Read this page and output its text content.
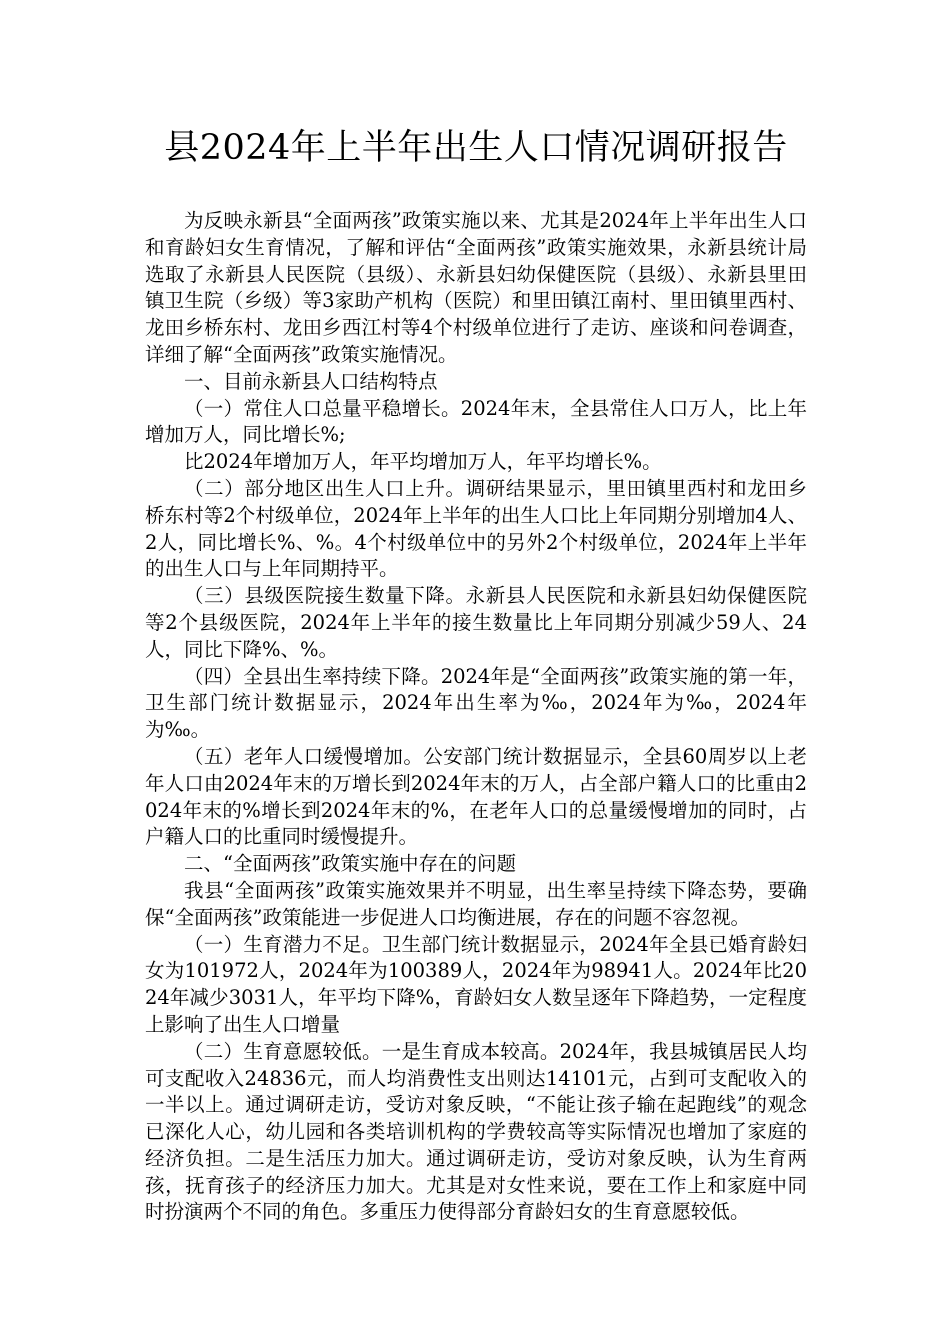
县2024年上半年出生人口情况调研报告

为反映永新县“全面两孩”政策实施以来、尤其是2024年上半年出生人口和育龄妇女生育情况，了解和评估“全面两孩”政策实施效果，永新县统计局选取了永新县人民医院（县级）、永新县妇幼保健医院（县级）、永新县里田镇卫生院（乡级）等3家助产机构（医院）和里田镇江南村、里田镇里西村、龙田乡桥东村、龙田乡西江村等4个村级单位进行了走访、座谈和问卷调查，详细了解“全面两孩”政策实施情况。

一、目前永新县人口结构特点

（一）常住人口总量平稳增长。2024年末，全县常住人口万人，比上年增加万人，同比增长%;

比2024年增加万人，年平均增加万人，年平均增长%。

（二）部分地区出生人口上升。调研结果显示，里田镇里西村和龙田乡桥东村等2个村级单位，2024年上半年的出生人口比上年同期分别增加4人、2人，同比增长%、%。4个村级单位中的另外2个村级单位，2024年上半年的出生人口与上年同期持平。

（三）县级医院接生数量下降。永新县人民医院和永新县妇幼保健医院等2个县级医院，2024年上半年的接生数量比上年同期分别减少59人、24人，同比下降%、%。

（四）全县出生率持续下降。2024年是“全面两孩”政策实施的第一年，卫生部门统计数据显示，2024年出生率为‰，2024年为‰，2024年为‰。

（五）老年人口缓慢增加。公安部门统计数据显示，全县60周岁以上老年人口由2024年末的万增长到2024年末的万人，占全部户籍人口的比重由2024年末的%增长到2024年末的%，在老年人口的总量缓慢增加的同时，占户籍人口的比重同时缓慢提升。

二、“全面两孩”政策实施中存在的问题

我县“全面两孩”政策实施效果并不明显，出生率呈持续下降态势，要确保“全面两孩”政策能进一步促进人口均衡进展，存在的问题不容忽视。

（一）生育潜力不足。卫生部门统计数据显示，2024年全县已婚育龄妇女为101972人，2024年为100389人，2024年为98941人。2024年比2024年减少3031人，年平均下降%，育龄妇女人数呈逐年下降趋势，一定程度上影响了出生人口增量

（二）生育意愿较低。一是生育成本较高。2024年，我县城镇居民人均可支配收入24836元，而人均消费性支出则达14101元，占到可支配收入的一半以上。通过调研走访，受访对象反映，“不能让孩子输在起跑线”的观念已深化人心，幼儿园和各类培训机构的学费较高等实际情况也增加了家庭的经济负担。二是生活压力加大。通过调研走访，受访对象反映，认为生育两孩，抚育孩子的经济压力加大。尤其是对女性来说，要在工作上和家庭中同时扮演两个不同的角色。多重压力使得部分育龄妇女的生育意愿较低。
